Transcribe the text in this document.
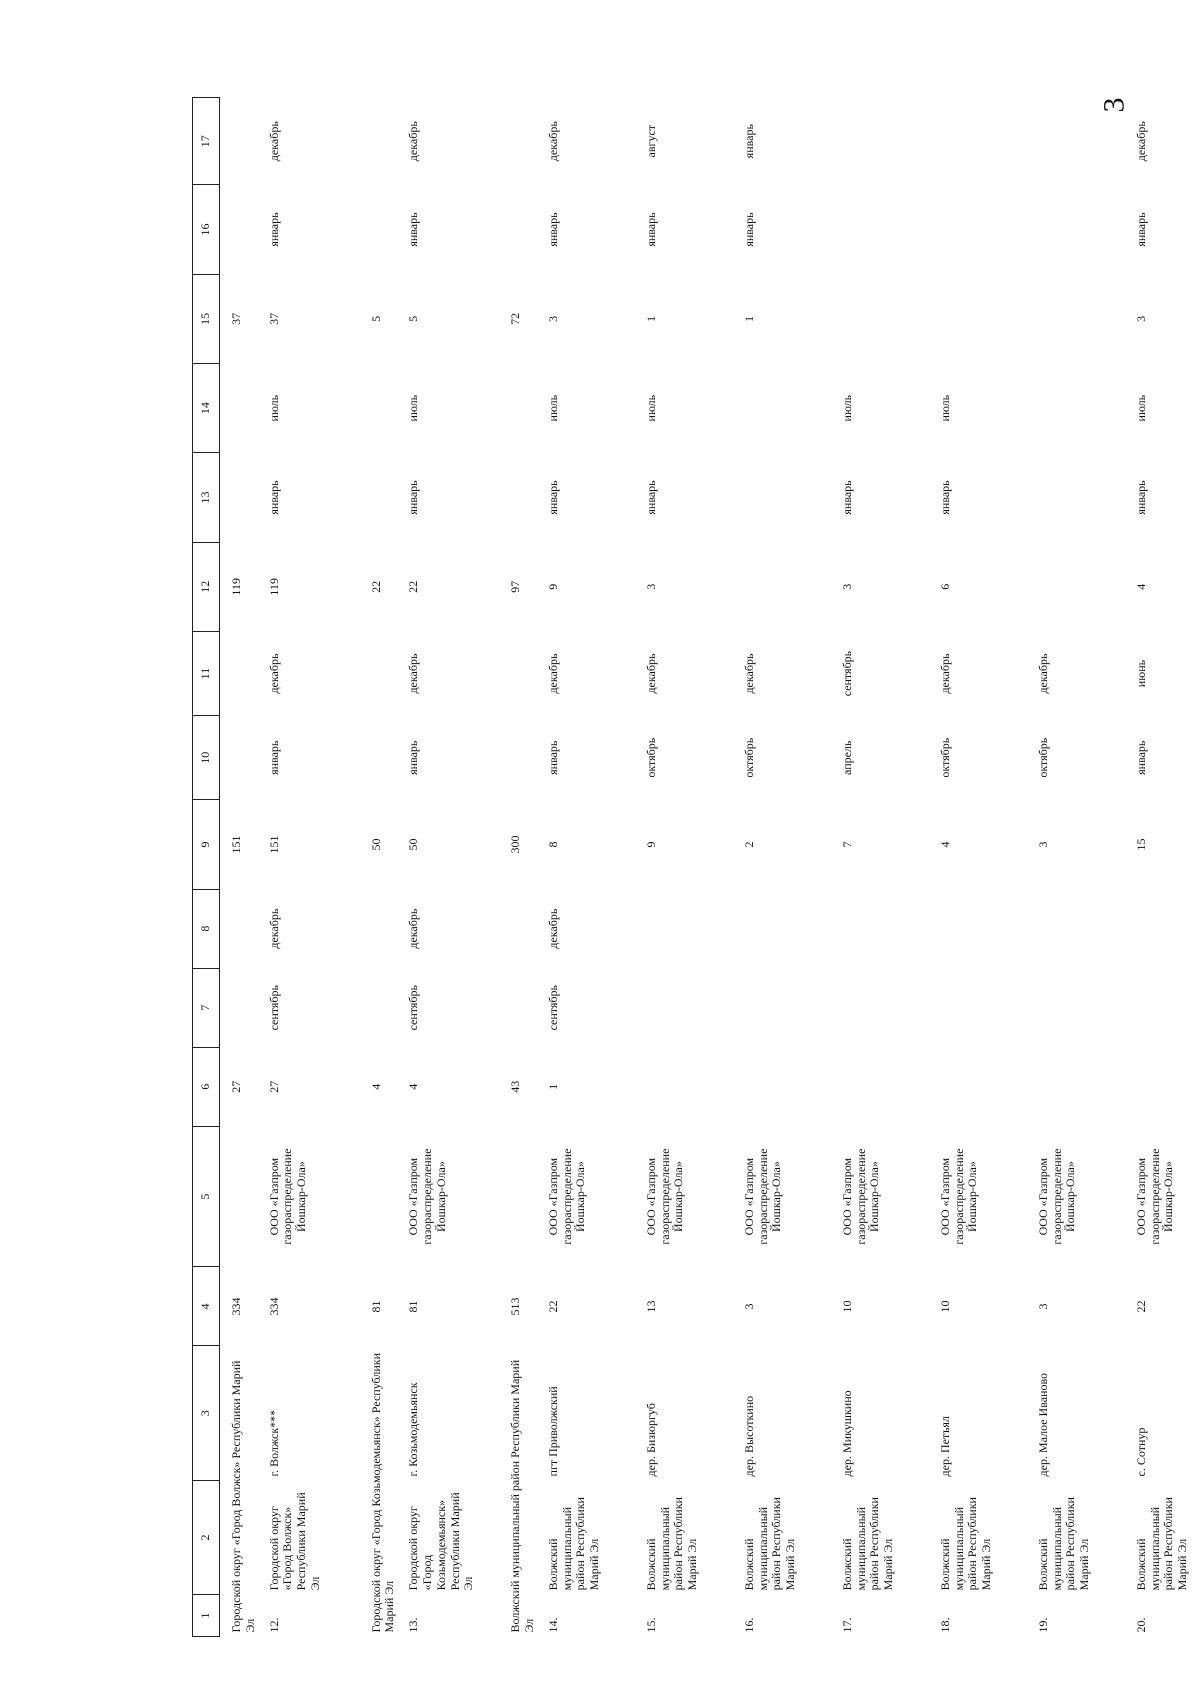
3
1	2	3	4	5	6	7	8	9	10	11	12	13	14	15	16	17
Городской округ «Город Волжск» Республики Марий Эл			334		27			151			119			37		
12.	Городской округ «Город Волжск» Республики Марий Эл	г. Волжск***	334	ООО «Газпром газораспределение Йошкар-Ола»	27	сентябрь	декабрь	151	январь	декабрь	119	январь	июль	37	январь	декабрь
Городской округ «Город Козьмодемьянск» Республики Марий Эл			81		4			50			22			5		
13.	Городской округ «Город Козьмодемьянск» Республики Марий Эл	г. Козьмодемьянск	81	ООО «Газпром газораспределение Йошкар-Ола»	4	сентябрь	декабрь	50	январь	декабрь	22	январь	июль	5	январь	декабрь
Волжский муниципальный район Республики Марий Эл			513		43			300			97			72		
14.	Волжский муниципальный район Республики Марий Эл	пгт Приволжский	22	ООО «Газпром газораспределение Йошкар-Ола»	1	сентябрь	декабрь	8	январь	декабрь	9	январь	июль	3	январь	декабрь
15.	Волжский муниципальный район Республики Марий Эл	дер. Бизюргуб	13	ООО «Газпром газораспределение Йошкар-Ола»				9	октябрь	декабрь	3	январь	июль	1	январь	август
16.	Волжский муниципальный район Республики Марий Эл	дер. Высоткино	3	ООО «Газпром газораспределение Йошкар-Ола»				2	октябрь	декабрь				1	январь	январь
17.	Волжский муниципальный район Республики Марий Эл	дер. Микушкино	10	ООО «Газпром газораспределение Йошкар-Ола»				7	апрель	сентябрь	3	январь	июль			
18.	Волжский муниципальный район Республики Марий Эл	дер. Петъял	10	ООО «Газпром газораспределение Йошкар-Ола»				4	октябрь	декабрь	6	январь	июль			
19.	Волжский муниципальный район Республики Марий Эл	дер. Малое Иваново	3	ООО «Газпром газораспределение Йошкар-Ола»				3	октябрь	декабрь						
20.	Волжский муниципальный район Республики Марий Эл	с. Сотнур	22	ООО «Газпром газораспределение Йошкар-Ола»				15	январь	июнь	4	январь	июль	3	январь	декабрь
